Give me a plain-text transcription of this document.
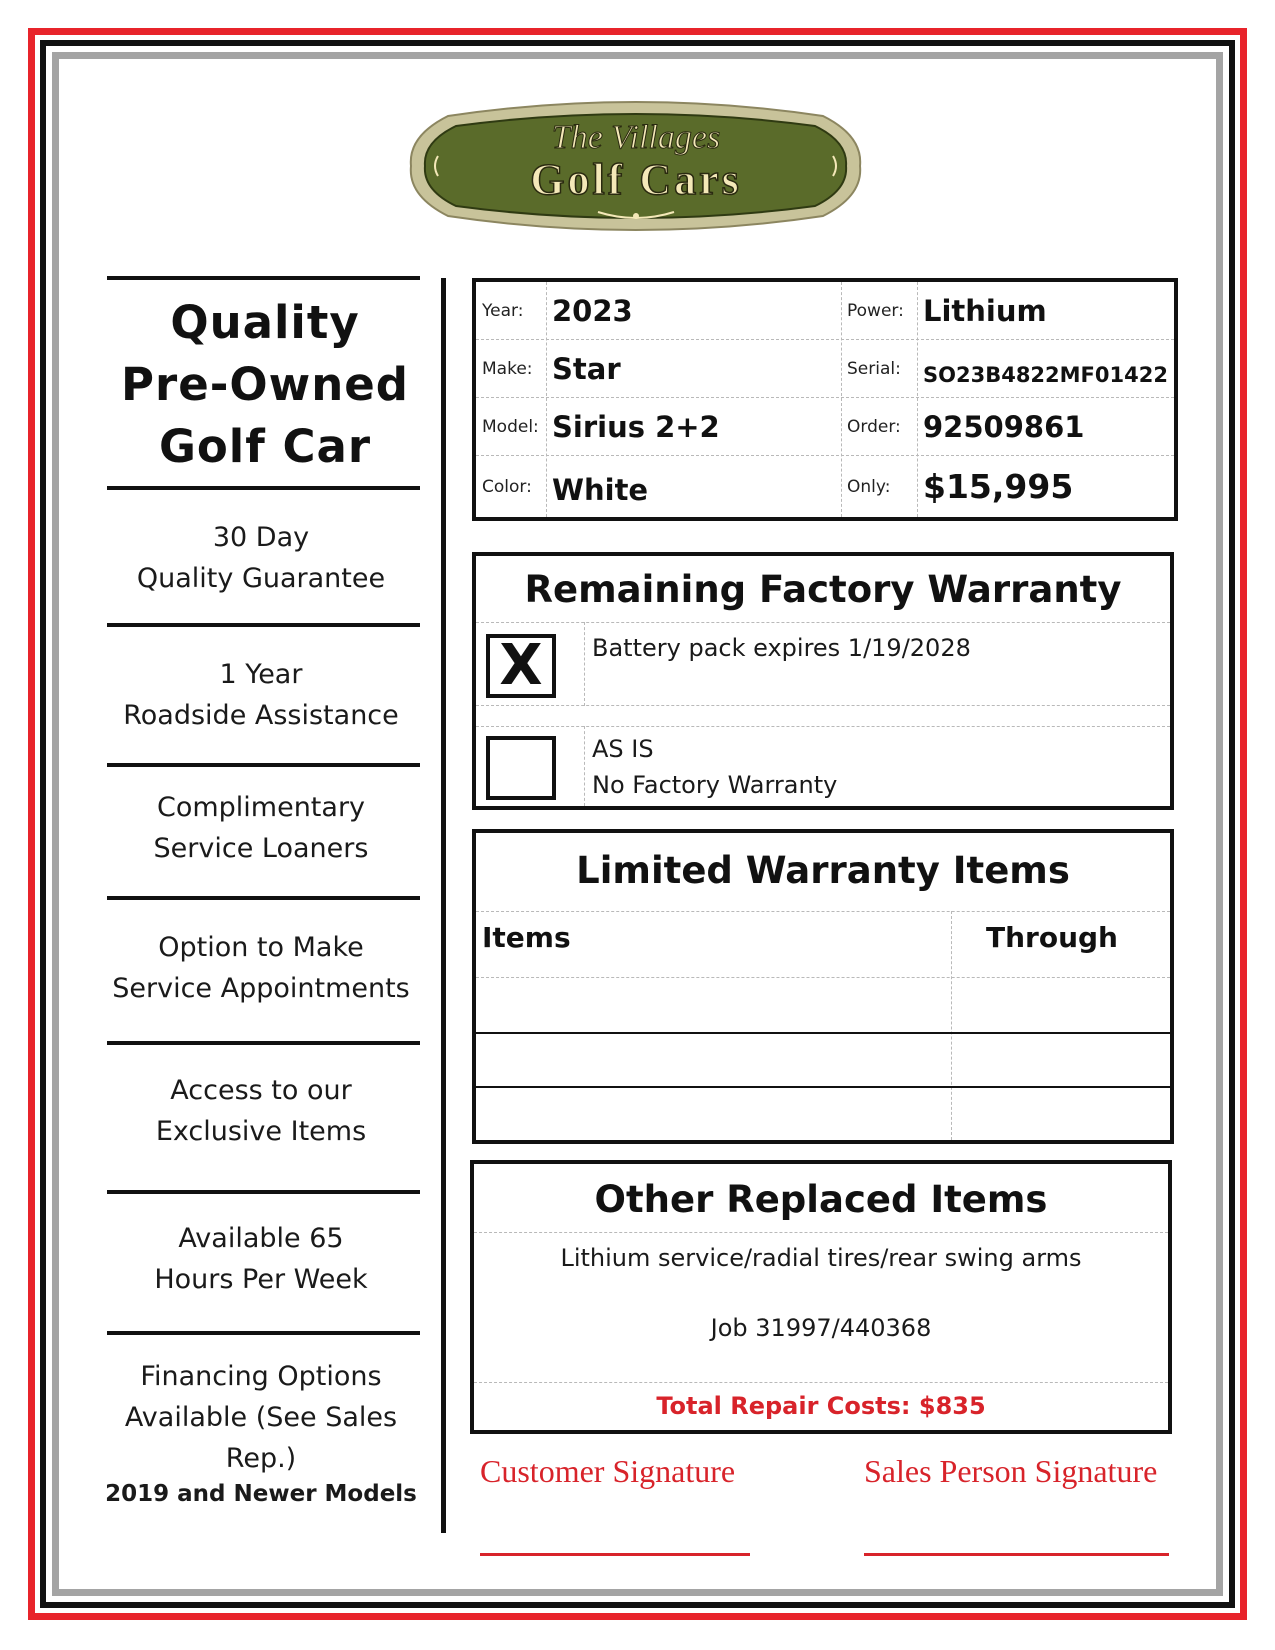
The Villages
Golf Cars
Quality
Pre-Owned
Golf Car
30 Day
Quality Guarantee
1 Year
Roadside Assistance
Complimentary
Service Loaners
Option to Make
Service Appointments
Access to our
Exclusive Items
Available 65
Hours Per Week
Financing Options
Available (See Sales Rep.)
2019 and Newer Models
Year: 2023	Power: Lithium
Make: Star	Serial:	SO23B4822MF01422
Model: Sirius 2+2	Order: 92509861
Color: White	Only: $15,995
Remaining Factory Warranty
X Battery pack expires 1/19/2028
AS IS
No Factory Warranty
Limited Warranty Items
Items	Through
Other Replaced Items
Lithium service/radial tires/rear swing arms
Job 31997/440368
Total Repair Costs: $835
Customer Signature	Sales Person Signature
